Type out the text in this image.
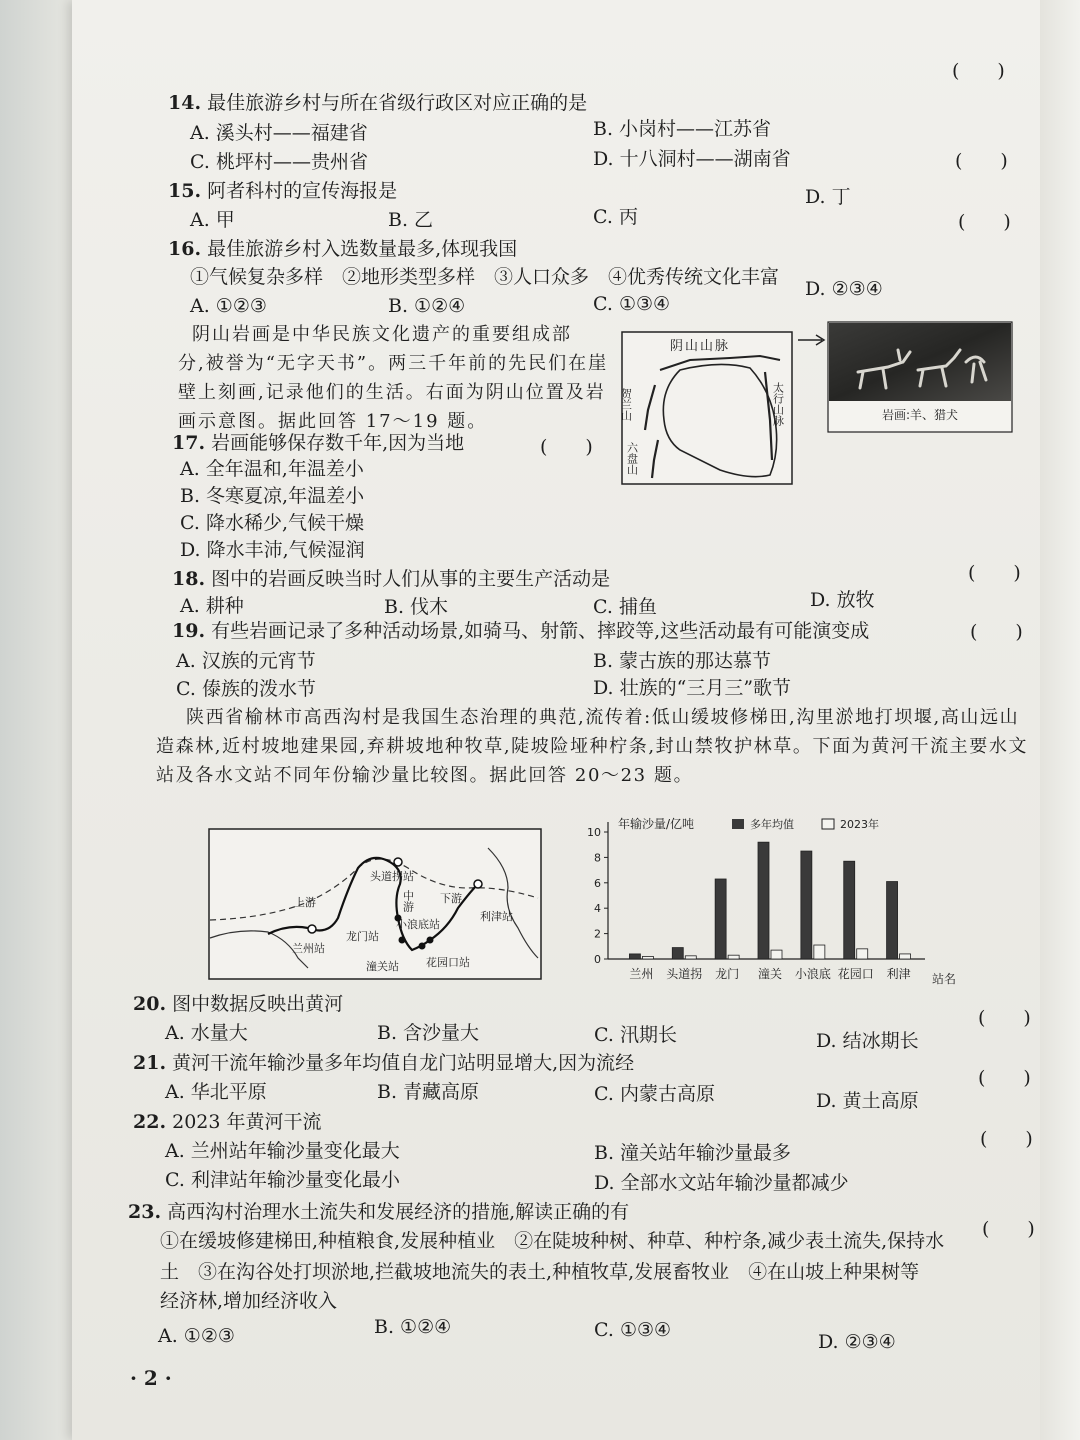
(　　)
14. 最佳旅游乡村与所在省级行政区对应正确的是
A. 溪头村——福建省	B. 小岗村——江苏省
C. 桃坪村——贵州省	D. 十八洞村——湖南省	(　　)
15. 阿者科村的宣传海报是
A. 甲	B. 乙	C. 丙
D. 丁
(　　)
16. 最佳旅游乡村入选数量最多,体现我国
①气候复杂多样　②地形类型多样　③人口众多　④优秀传统文化丰富
A. ①②③	B. ①②④	C. ①③④
D. ②③④
阴山岩画是中华民族文化遗产的重要组成部
分,被誉为“无字天书”。两三千年前的先民们在崖
壁上刻画,记录他们的生活。右面为阴山位置及岩
画示意图。据此回答 17～19 题。
阴山山脉
贺兰山	太行山脉
六盘山
岩画:羊、猎犬
17. 岩画能够保存数千年,因为当地	(　　)
A. 全年温和,年温差小
B. 冬寒夏凉,年温差小
C. 降水稀少,气候干燥
D. 降水丰沛,气候湿润
18. 图中的岩画反映当时人们从事的主要生产活动是	(　　)
A. 耕种	B. 伐木	C. 捕鱼	D. 放牧
19. 有些岩画记录了多种活动场景,如骑马、射箭、摔跤等,这些活动最有可能演变成	(　　)
A. 汉族的元宵节	B. 蒙古族的那达慕节
C. 傣族的泼水节	D. 壮族的“三月三”歌节
陕西省榆林市高西沟村是我国生态治理的典范,流传着:低山缓坡修梯田,沟里淤地打坝堰,高山远山造森林,近村坡地建果园,弃耕坡地种牧草,陡坡险垭种柠条,封山禁牧护林草。下面为黄河干流主要水文站及各水文站不同年份输沙量比较图。据此回答 20～23 题。
上游	中游 下游
兰州站
头道拐站
龙门站
小浪底站
潼关站 花园口站
利津站
年输沙量/亿吨	多年均值	2023年
0
2
4
6
8
10
兰州 头道拐 龙门 潼关 小浪底 花园口 利津 站名
20. 图中数据反映出黄河
(　　)
A. 水量大	B. 含沙量大	C. 汛期长	D. 结冰期长
21. 黄河干流年输沙量多年均值自龙门站明显增大,因为流经
(　　)
A. 华北平原	B. 青藏高原	C. 内蒙古高原	D. 黄土高原
22. 2023 年黄河干流
(　　)
A. 兰州站年输沙量变化最大	B. 潼关站年输沙量最多
C. 利津站年输沙量变化最小	D. 全部水文站年输沙量都减少
23. 高西沟村治理水土流失和发展经济的措施,解读正确的有
(　　)
①在缓坡修建梯田,种植粮食,发展种植业　②在陡坡种树、种草、种柠条,减少表土流失,保持水
土　③在沟谷处打坝淤地,拦截坡地流失的表土,种植牧草,发展畜牧业　④在山坡上种果树等
经济林,增加经济收入
A. ①②③	B. ①②④	C. ①③④
D. ②③④
· 2 ·
